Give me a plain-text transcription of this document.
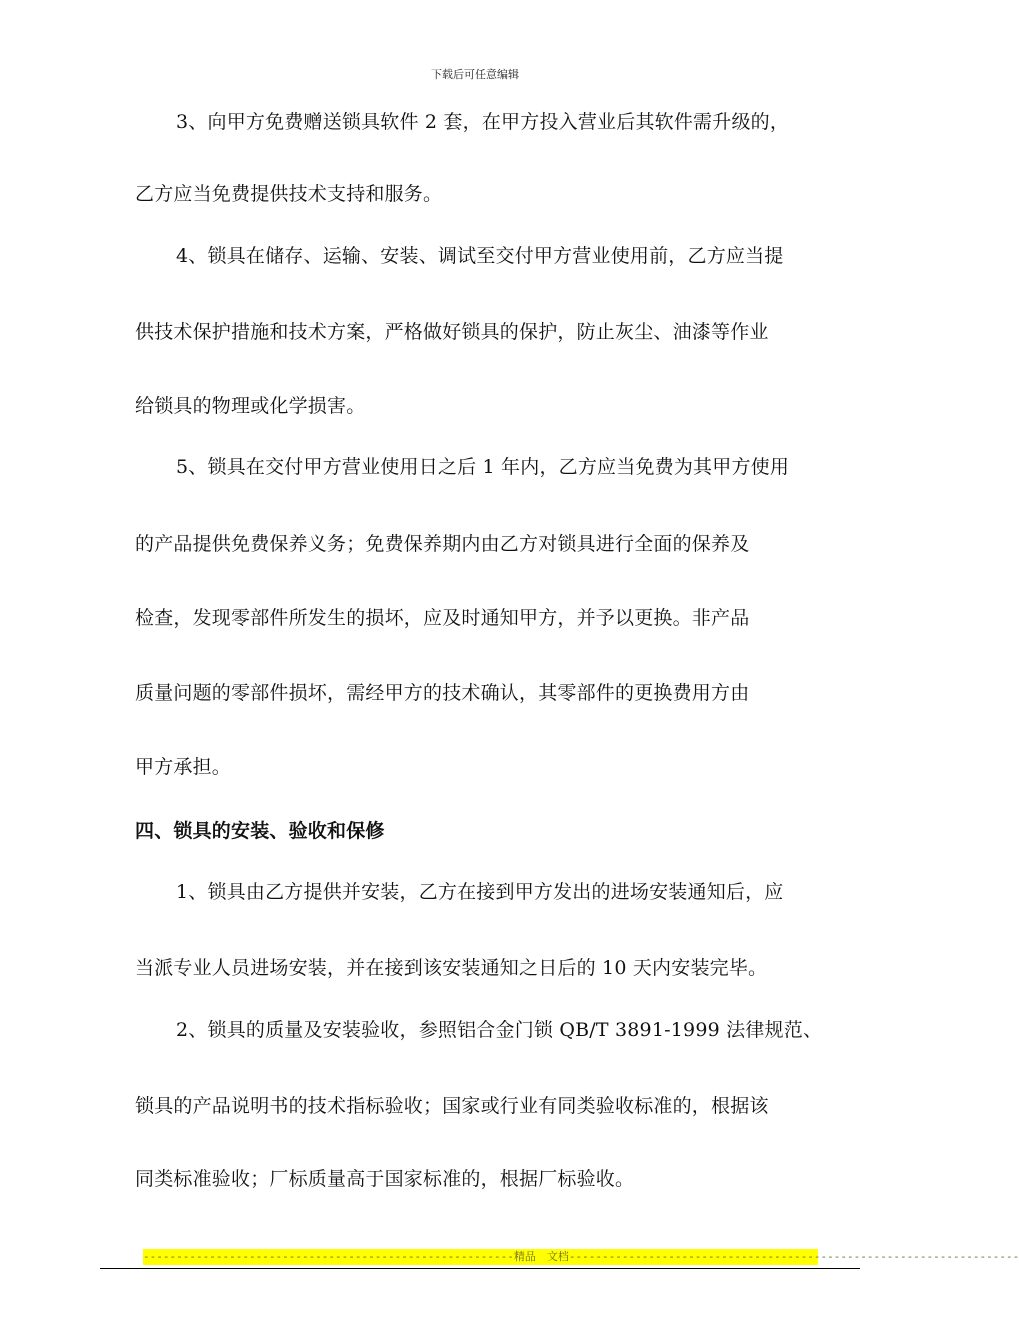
下载后可任意编辑
3、向甲方免费赠送锁具软件 2 套，在甲方投入营业后其软件需升级的，
乙方应当免费提供技术支持和服务。
4、锁具在储存、运输、安装、调试至交付甲方营业使用前，乙方应当提
供技术保护措施和技术方案，严格做好锁具的保护，防止灰尘、油漆等作业
给锁具的物理或化学损害。
5、锁具在交付甲方营业使用日之后 1 年内，乙方应当免费为其甲方使用
的产品提供免费保养义务；免费保养期内由乙方对锁具进行全面的保养及
检查，发现零部件所发生的损坏，应及时通知甲方，并予以更换。非产品
质量问题的零部件损坏，需经甲方的技术确认，其零部件的更换费用方由
甲方承担。
四、锁具的安装、验收和保修
1、锁具由乙方提供并安装，乙方在接到甲方发出的进场安装通知后，应
当派专业人员进场安装，并在接到该安装通知之日后的 10 天内安装完毕。
2、锁具的质量及安装验收，参照铝合金门锁 QB/T 3891-1999 法律规范、
锁具的产品说明书的技术指标验收；国家或行业有同类验收标准的，根据该
同类标准验收；厂标质量高于国家标准的，根据厂标验收。
--------------------------------------------------------精品　文档--------------------------------------------------------------------
